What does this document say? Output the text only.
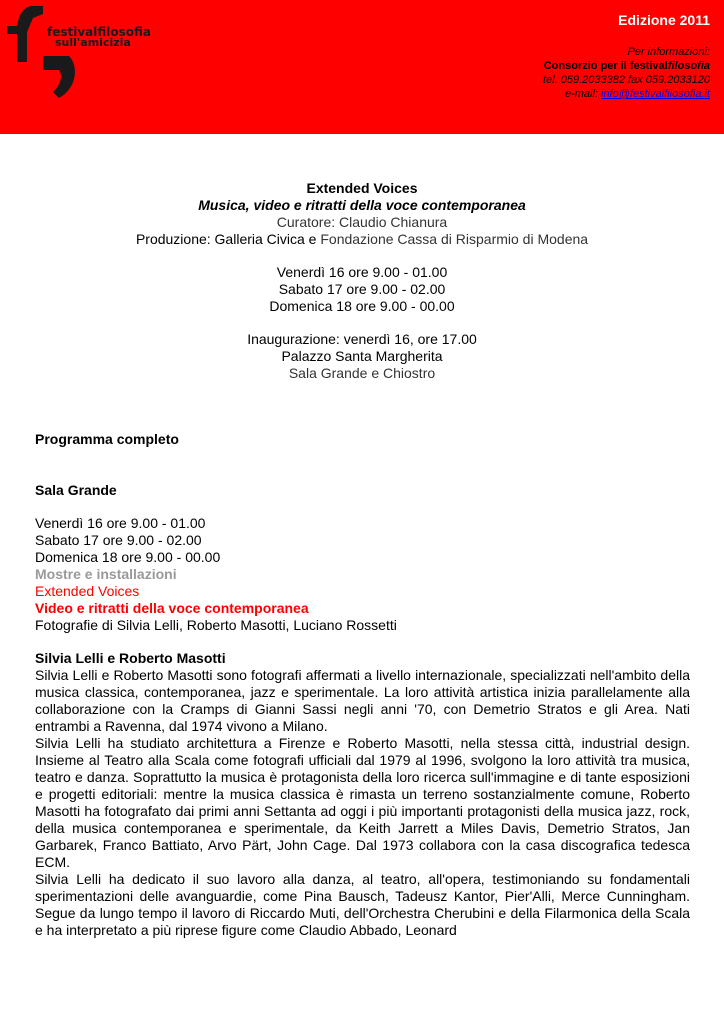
festivalfilosofia
sull'amicizia
Edizione 2011
Per informazioni:
Consorzio per il festivalfilosofia
tel. 059.2033382 fax 059.2033120
e-mail: info@festivalfilosofia.it
Extended Voices
Musica, video e ritratti della voce contemporanea
Curatore: Claudio Chianura
Produzione: Galleria Civica e Fondazione Cassa di Risparmio di Modena
Venerdì 16 ore 9.00 - 01.00
Sabato 17 ore 9.00 - 02.00
Domenica 18 ore 9.00 - 00.00
Inaugurazione: venerdì 16, ore 17.00
Palazzo Santa Margherita
Sala Grande e Chiostro
Programma completo
Sala Grande
Venerdì 16 ore 9.00 - 01.00
Sabato 17 ore 9.00 - 02.00
Domenica 18 ore 9.00 - 00.00
Mostre e installazioni
Extended Voices
Video e ritratti della voce contemporanea
Fotografie di Silvia Lelli, Roberto Masotti, Luciano Rossetti
Silvia Lelli e Roberto Masotti

Silvia Lelli e Roberto Masotti sono fotografi affermati a livello internazionale, specializzati nell'ambito della musica classica, contemporanea, jazz e sperimentale. La loro attività artistica inizia parallelamente alla collaborazione con la Cramps di Gianni Sassi negli anni '70, con Demetrio Stratos e gli Area. Nati entrambi a Ravenna, dal 1974 vivono a Milano.

Silvia Lelli ha studiato architettura a Firenze e Roberto Masotti, nella stessa città, industrial design. Insieme al Teatro alla Scala come fotografi ufficiali dal 1979 al 1996, svolgono la loro attività tra musica, teatro e danza. Soprattutto la musica è protagonista della loro ricerca sull'immagine e di tante esposizioni e progetti editoriali: mentre la musica classica è rimasta un terreno sostanzialmente comune, Roberto Masotti ha fotografato dai primi anni Settanta ad oggi i più importanti protagonisti della musica jazz, rock, della musica contemporanea e sperimentale, da Keith Jarrett a Miles Davis, Demetrio Stratos, Jan Garbarek, Franco Battiato, Arvo Pärt, John Cage. Dal 1973 collabora con la casa discografica tedesca ECM.

Silvia Lelli ha dedicato il suo lavoro alla danza, al teatro, all'opera, testimoniando su fondamentali sperimentazioni delle avanguardie, come Pina Bausch, Tadeusz Kantor, Pier'Alli, Merce Cunningham. Segue da lungo tempo il lavoro di Riccardo Muti, dell'Orchestra Cherubini e della Filarmonica della Scala e ha interpretato a più riprese figure come Claudio Abbado, Leonard
